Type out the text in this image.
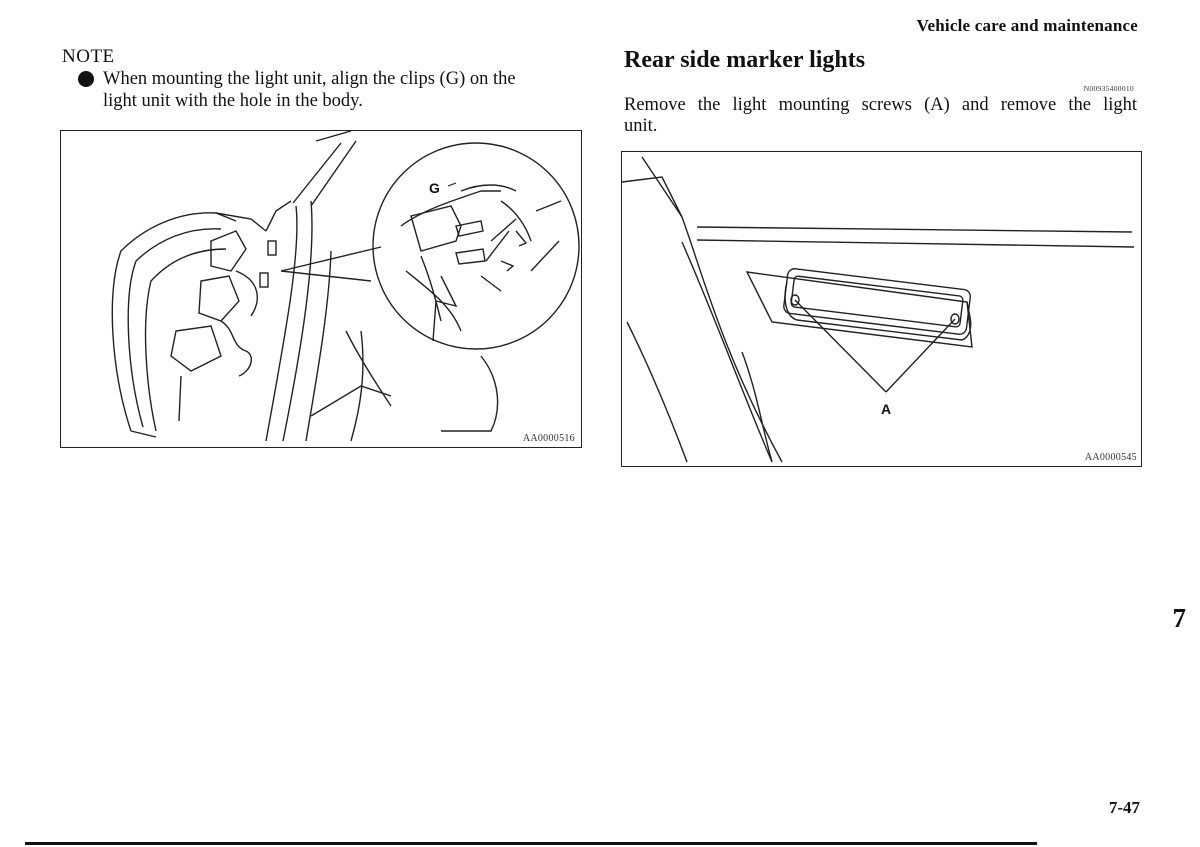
Vehicle care and maintenance
NOTE
When mounting the light unit, align the clips (G) on the
light unit with the hole in the body.
G
AA0000516
Rear side marker lights
N00935400010
Remove the light mounting screws (A) and remove the light
unit.
A
AA0000545
7
7-47
